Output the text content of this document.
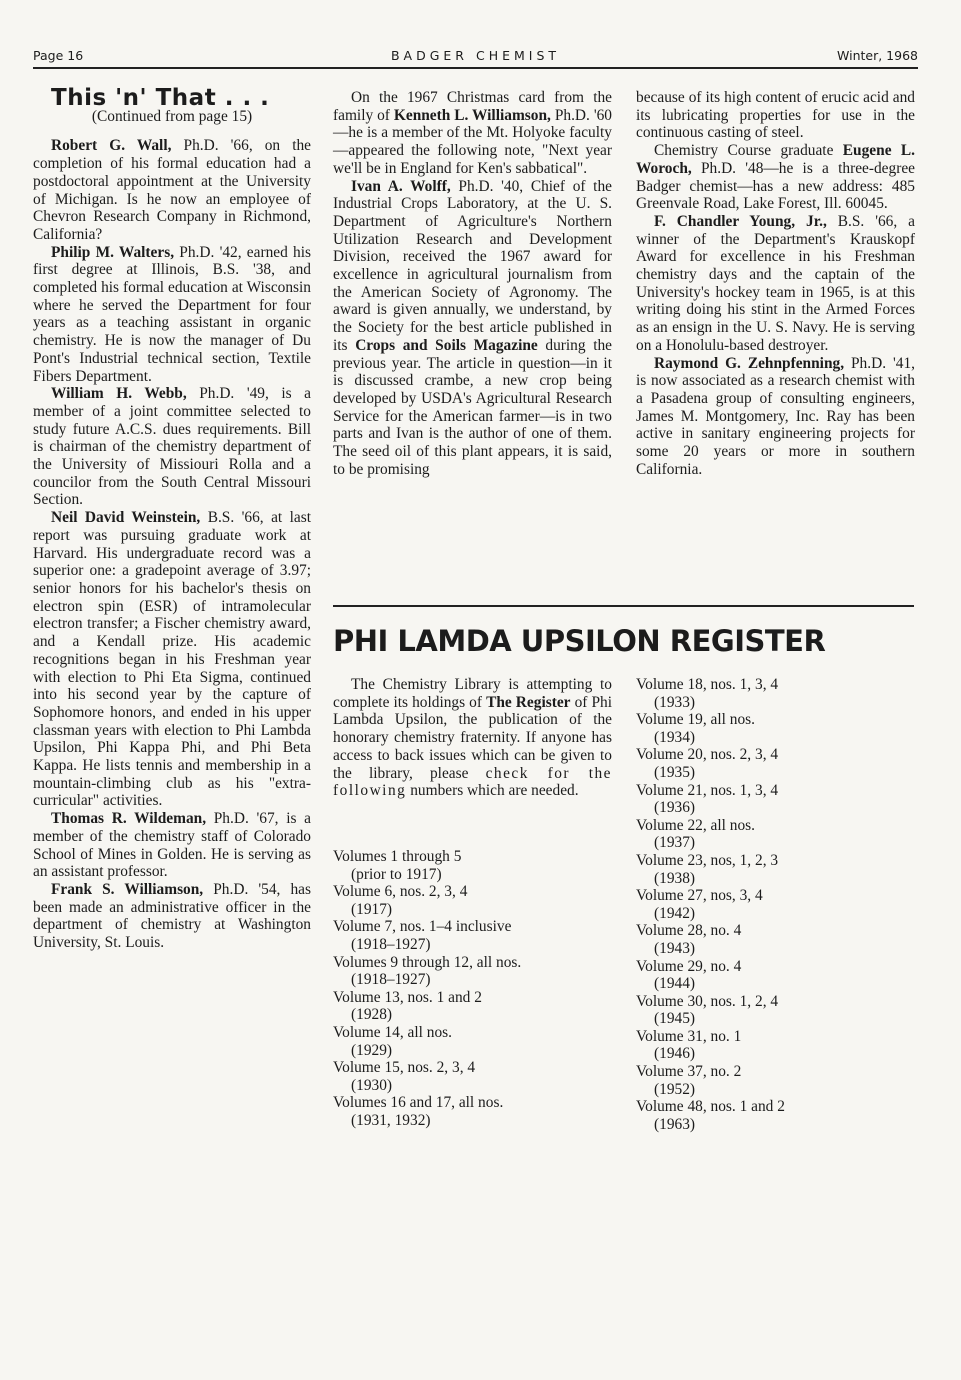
Page 16	BADGER CHEMIST	Winter, 1968

This 'n' That . . .

(Continued from page 15)

Robert G. Wall, Ph.D. '66, on the completion of his formal education had a postdoctoral appointment at the University of Michigan. Is he now an employee of Chevron Research Company in Richmond, California?

Philip M. Walters, Ph.D. '42, earned his first degree at Illinois, B.S. '38, and completed his formal education at Wisconsin where he served the Department for four years as a teaching assistant in organic chemistry. He is now the manager of Du Pont's Industrial technical section, Textile Fibers Department.

William H. Webb, Ph.D. '49, is a member of a joint committee selected to study future A.C.S. dues requirements. Bill is chairman of the chemistry department of the University of Missiouri Rolla and a councilor from the South Central Missouri Section.

Neil David Weinstein, B.S. '66, at last report was pursuing graduate work at Harvard. His undergraduate record was a superior one: a gradepoint average of 3.97; senior honors for his bachelor's thesis on electron spin (ESR) of intramolecular electron transfer; a Fischer chemistry award, and a Kendall prize. His academic recognitions began in his Freshman year with election to Phi Eta Sigma, continued into his second year by the capture of Sophomore honors, and ended in his upper classman years with election to Phi Lambda Upsilon, Phi Kappa Phi, and Phi Beta Kappa. He lists tennis and membership in a mountain-climbing club as his "extra-curricular" activities.

Thomas R. Wildeman, Ph.D. '67, is a member of the chemistry staff of Colorado School of Mines in Golden. He is serving as an assistant professor.

Frank S. Williamson, Ph.D. '54, has been made an administrative officer in the department of chemistry at Washington University, St. Louis.

On the 1967 Christmas card from the family of Kenneth L. Williamson, Ph.D. '60—he is a member of the Mt. Holyoke faculty—appeared the following note, "Next year we'll be in England for Ken's sabbatical".

Ivan A. Wolff, Ph.D. '40, Chief of the Industrial Crops Laboratory, at the U. S. Department of Agriculture's Northern Utilization Research and Development Division, received the 1967 award for excellence in agricultural journalism from the American Society of Agronomy. The award is given annually, we understand, by the Society for the best article published in its Crops and Soils Magazine during the previous year. The article in question—in it is discussed crambe, a new crop being developed by USDA's Agricultural Research Service for the American farmer—is in two parts and Ivan is the author of one of them. The seed oil of this plant appears, it is said, to be promising

because of its high content of erucic acid and its lubricating properties for use in the continuous casting of steel.

Chemistry Course graduate Eugene L. Woroch, Ph.D. '48—he is a three-degree Badger chemist—has a new address: 485 Greenvale Road, Lake Forest, Ill. 60045.

F. Chandler Young, Jr., B.S. '66, a winner of the Department's Krauskopf Award for excellence in his Freshman chemistry days and the captain of the University's hockey team in 1965, is at this writing doing his stint in the Armed Forces as an ensign in the U. S. Navy. He is serving on a Honolulu-based destroyer.

Raymond G. Zehnpfenning, Ph.D. '41, is now associated as a research chemist with a Pasadena group of consulting engineers, James M. Montgomery, Inc. Ray has been active in sanitary engineering projects for some 20 years or more in southern California.

PHI LAMDA UPSILON REGISTER

The Chemistry Library is attempting to complete its holdings of The Register of Phi Lambda Upsilon, the publication of the honorary chemistry fraternity. If anyone has access to back issues which can be given to the library, please check for the following numbers which are needed.

Volumes 1 through 5
(prior to 1917)
Volume 6, nos. 2, 3, 4
(1917)
Volume 7, nos. 1–4 inclusive
(1918–1927)
Volumes 9 through 12, all nos.
(1918–1927)
Volume 13, nos. 1 and 2
(1928)
Volume 14, all nos.
(1929)
Volume 15, nos. 2, 3, 4
(1930)
Volumes 16 and 17, all nos.
(1931, 1932)
Volume 18, nos. 1, 3, 4
(1933)
Volume 19, all nos.
(1934)
Volume 20, nos. 2, 3, 4
(1935)
Volume 21, nos. 1, 3, 4
(1936)
Volume 22, all nos.
(1937)
Volume 23, nos, 1, 2, 3
(1938)
Volume 27, nos, 3, 4
(1942)
Volume 28, no. 4
(1943)
Volume 29, no. 4
(1944)
Volume 30, nos. 1, 2, 4
(1945)
Volume 31, no. 1
(1946)
Volume 37, no. 2
(1952)
Volume 48, nos. 1 and 2
(1963)
